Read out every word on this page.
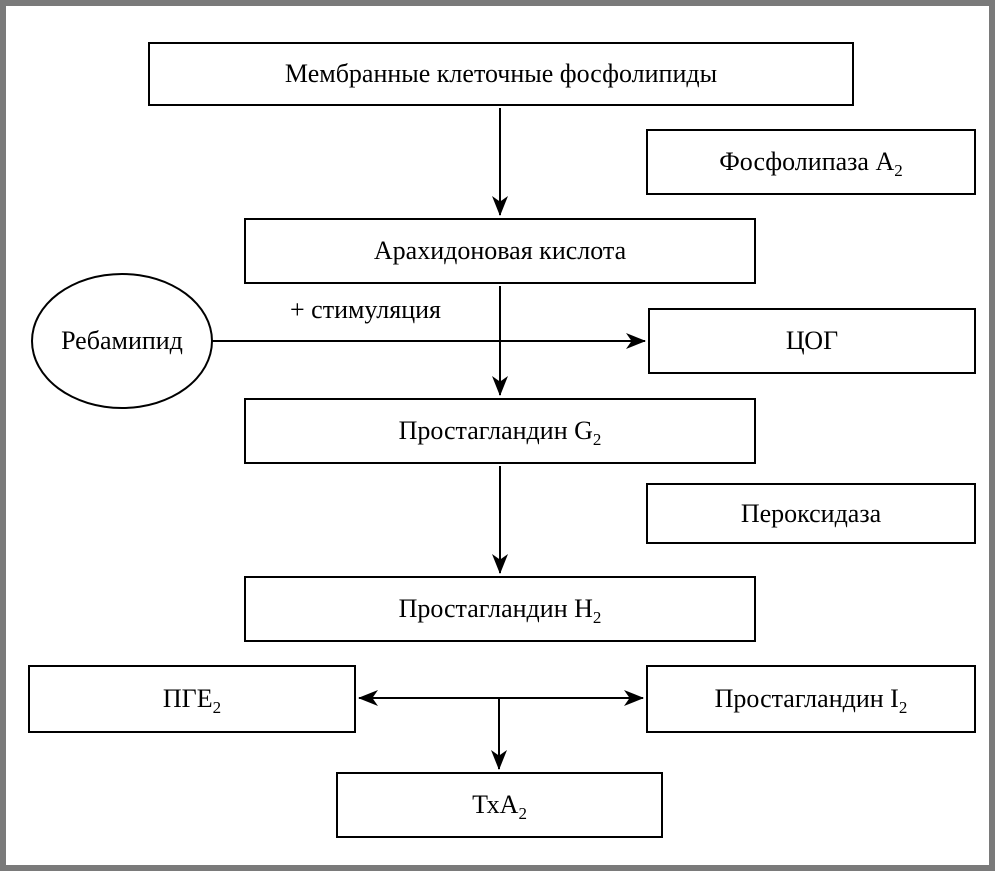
Мембранные клеточные фосфолипиды
Фосфолипаза $А_2$
Арахидоновая кислота
Ребамипид	ЦОГ
Простагландин $G_2$
Пероксидаза
Простагландин $H_2$
$ПГЕ_2$	Простагландин $I_2$
ТхА$_2$
+ стимуляция
